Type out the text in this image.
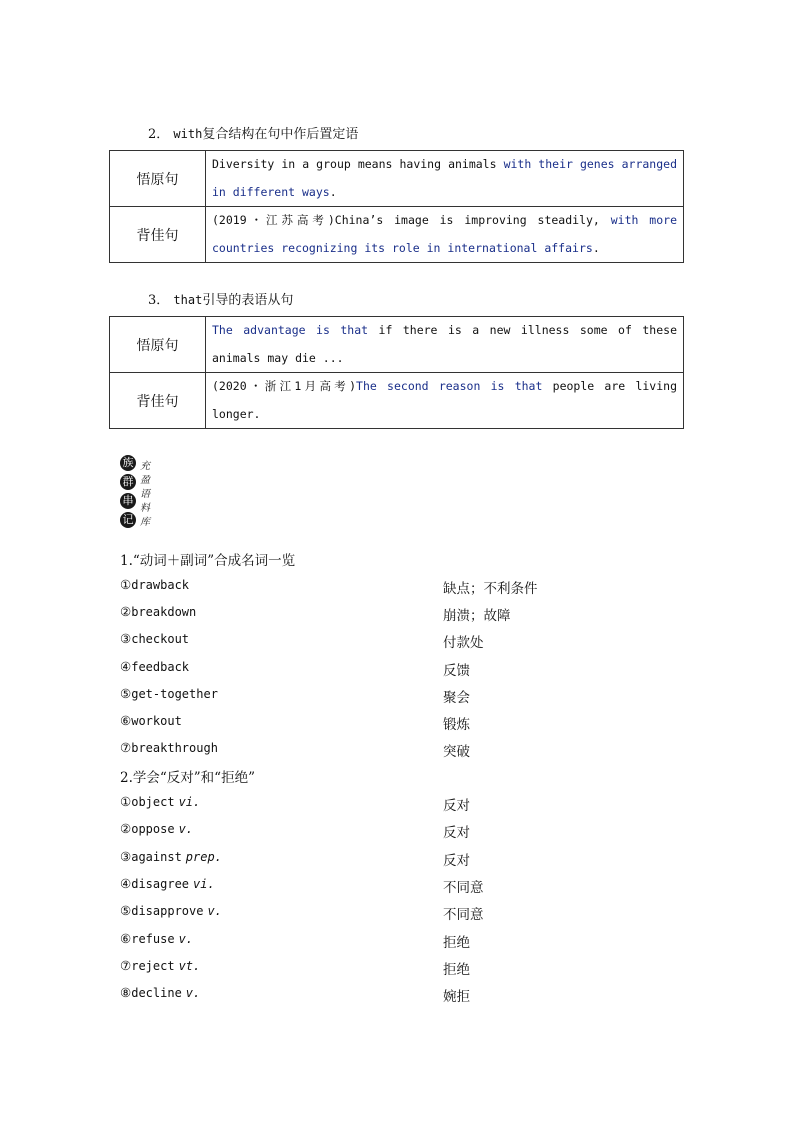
2． with复合结构在句中作后置定语
悟原句	Diversity in a group means having animals with their genes arranged in different ways.
背佳句	(2019・江苏高考)China’s image is improving steadily, with more countries recognizing its role in international affairs.
3． that引导的表语从句
悟原句	The advantage is that if there is a new illness some of these animals may die ...
背佳句	(2020・浙江1月高考)The second reason is that people are living longer.
族
群
串
记
充
盈
语
料
库
1.“动词＋副词”合成名词一览
①drawback	缺点；不利条件
②breakdown	崩溃；故障
③checkout	付款处
④feedback	反馈
⑤get-together	聚会
⑥workout	锻炼
⑦breakthrough	突破
2.学会“反对”和“拒绝”
①object vi.	反对
②oppose v.	反对
③against prep.	反对
④disagree vi.	不同意
⑤disapprove v.	不同意
⑥refuse v.	拒绝
⑦reject vt.	拒绝
⑧decline v.	婉拒
